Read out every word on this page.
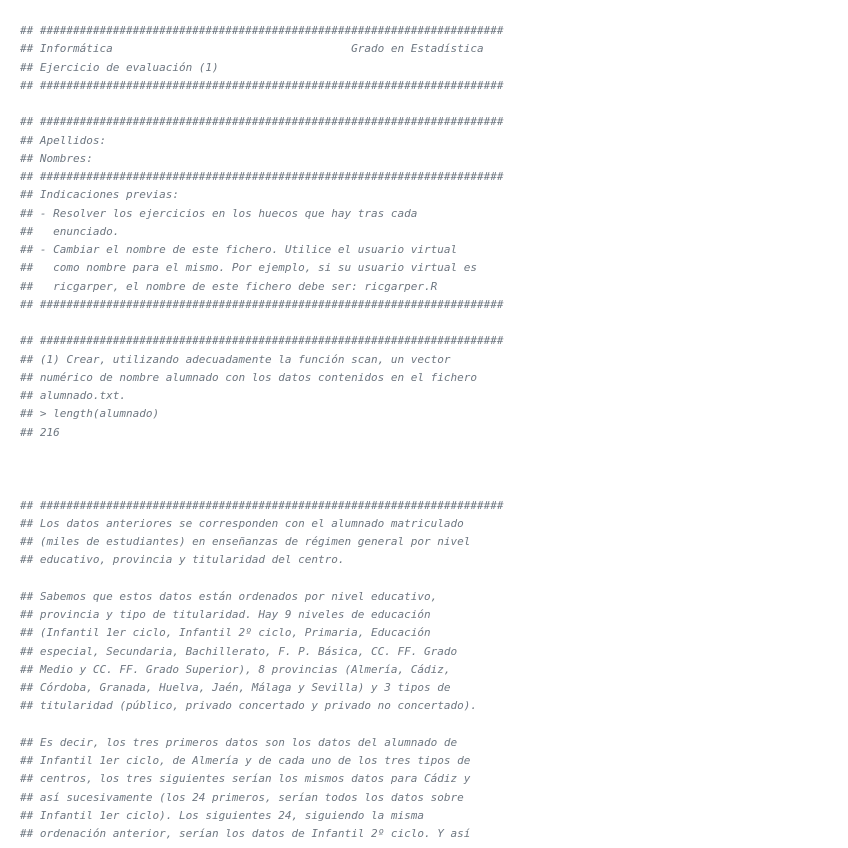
## ######################################################################
## Informática                                    Grado en Estadística
## Ejercicio de evaluación (1)
## ######################################################################

## ######################################################################
## Apellidos:
## Nombres:
## ######################################################################
## Indicaciones previas:
## - Resolver los ejercicios en los huecos que hay tras cada
##   enunciado.
## - Cambiar el nombre de este fichero. Utilice el usuario virtual
##   como nombre para el mismo. Por ejemplo, si su usuario virtual es
##   ricgarper, el nombre de este fichero debe ser: ricgarper.R
## ######################################################################

## ######################################################################
## (1) Crear, utilizando adecuadamente la función scan, un vector
## numérico de nombre alumnado con los datos contenidos en el fichero
## alumnado.txt.
## > length(alumnado)
## 216

## ######################################################################
## Los datos anteriores se corresponden con el alumnado matriculado
## (miles de estudiantes) en enseñanzas de régimen general por nivel
## educativo, provincia y titularidad del centro.

## Sabemos que estos datos están ordenados por nivel educativo,
## provincia y tipo de titularidad. Hay 9 niveles de educación
## (Infantil 1er ciclo, Infantil 2º ciclo, Primaria, Educación
## especial, Secundaria, Bachillerato, F. P. Básica, CC. FF. Grado
## Medio y CC. FF. Grado Superior), 8 provincias (Almería, Cádiz,
## Córdoba, Granada, Huelva, Jaén, Málaga y Sevilla) y 3 tipos de
## titularidad (público, privado concertado y privado no concertado).

## Es decir, los tres primeros datos son los datos del alumnado de
## Infantil 1er ciclo, de Almería y de cada uno de los tres tipos de
## centros, los tres siguientes serían los mismos datos para Cádiz y
## así sucesivamente (los 24 primeros, serían todos los datos sobre
## Infantil 1er ciclo). Los siguientes 24, siguiendo la misma
## ordenación anterior, serían los datos de Infantil 2º ciclo. Y así
